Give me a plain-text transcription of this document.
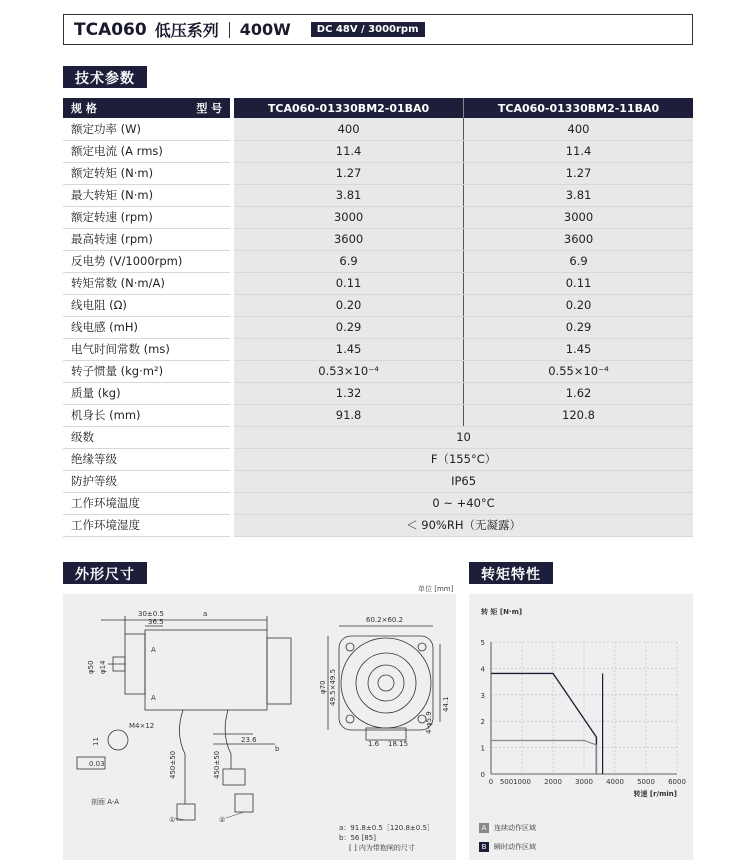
TCA060 低压系列 400W	DC 48V / 3000rpm
技术参数
规 格 型 号		TCA060-01330BM2-01BA0	TCA060-01330BM2-11BA0
额定功率 (W)		400	400
额定电流 (A rms)		11.4	11.4
额定转矩 (N·m)		1.27	1.27
最大转矩 (N·m)		3.81	3.81
额定转速 (rpm)		3000	3000
最高转速 (rpm)		3600	3600
反电势 (V/1000rpm)		6.9	6.9
转矩常数 (N·m/A)		0.11	0.11
线电阻 (Ω)		0.20	0.20
线电感 (mH)		0.29	0.29
电气时间常数 (ms)		1.45	1.45
转子惯量 (kg·m²)		0.53×10⁻⁴	0.55×10⁻⁴
质量 (kg)		1.32	1.62
机身长 (mm)		91.8	120.8
级数		10	
绝缘等级		F（155°C）	
防护等级		IP65	
工作环境温度		0 ~ +40°C	
工作环境湿度		＜ 90%RH（无凝露）	
外形尺寸
单位 [mm]
30±0.5	a
36.5
φ50 φ14
A
A
M4×12
11
0.03
23.6
b
450±50	450±50
剖面 A-A
①	②
60.2×60.2
φ70 49.5×49.5
1.6 18.15
4-φ5.9
44.1
a：91.8±0.5［120.8±0.5］
b：56 [85]
[ ] 内为带抱闸的尺寸
转矩特性
转 矩 [N·m]
0
1
2
3
4
5
0 500 1000 2000 3000 4000 5000 6000
转速 [r/min]
A	连续动作区域
B	瞬时动作区域
